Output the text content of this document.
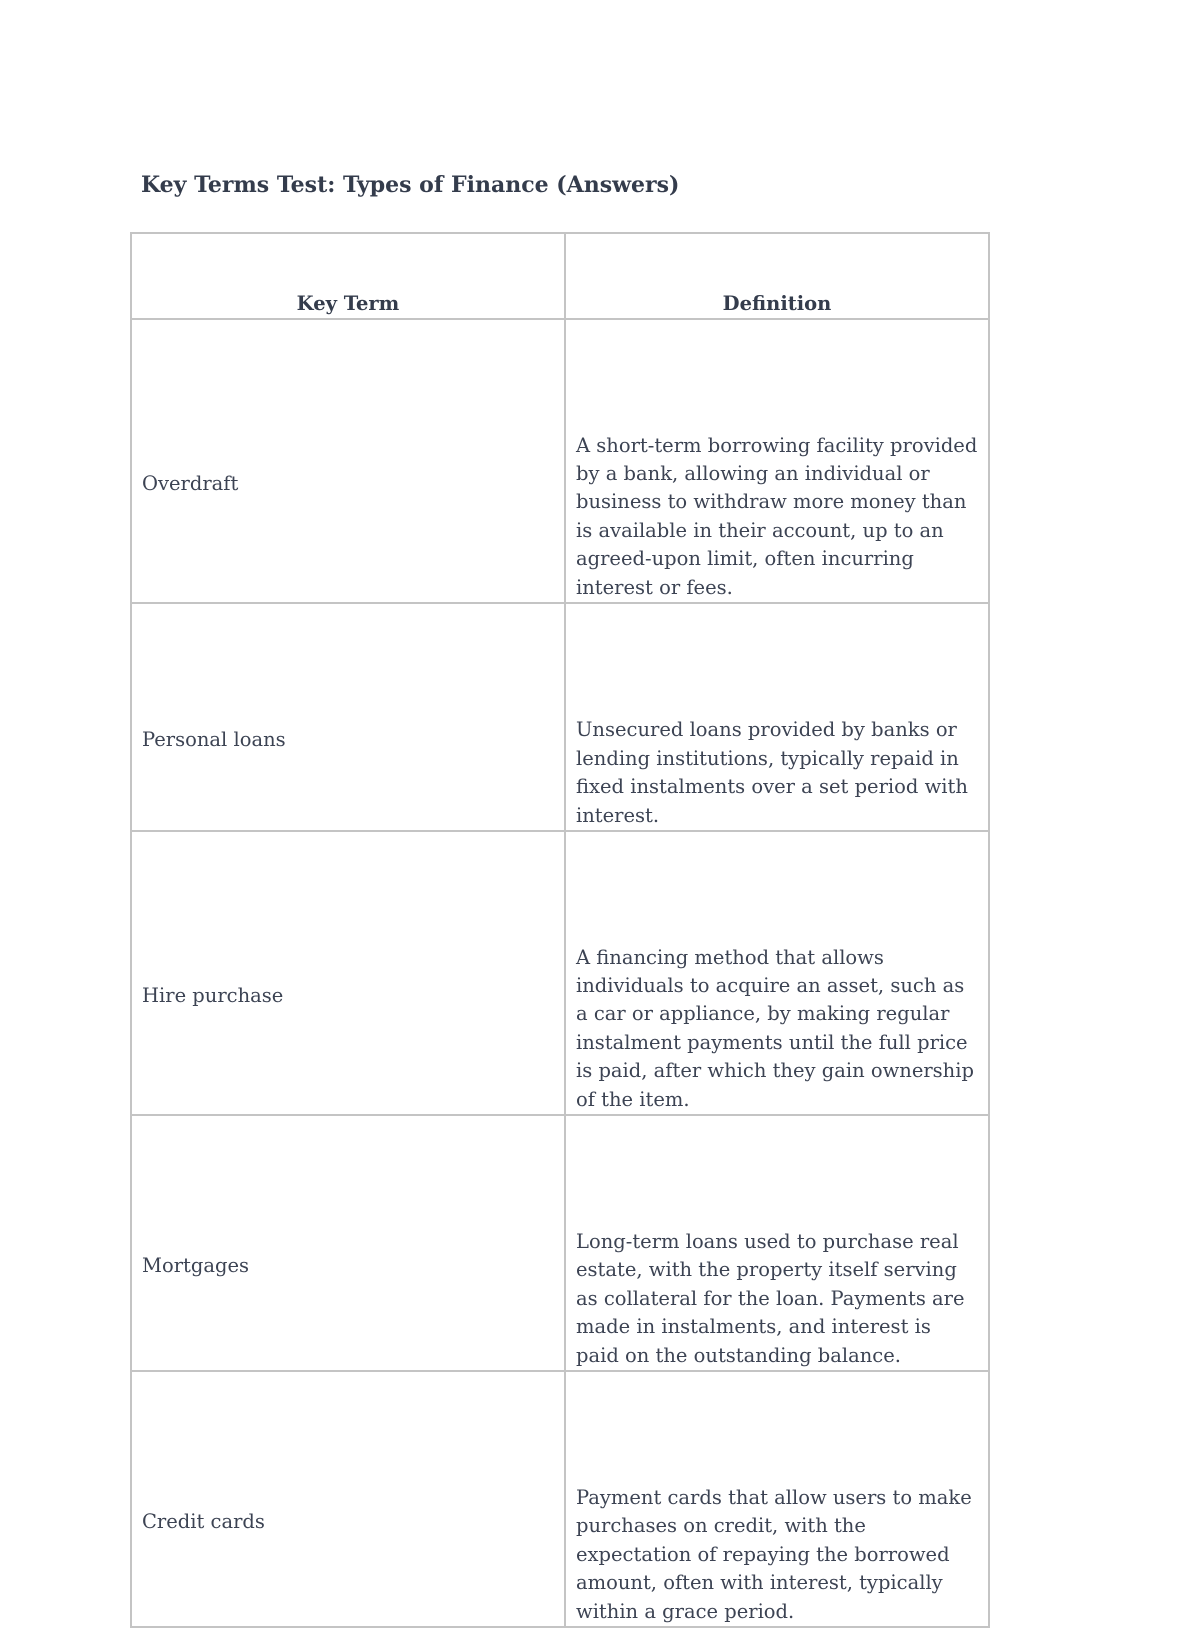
Key Terms Test: Types of Finance (Answers)
Key Term	Definition
Overdraft	A short-term borrowing facility provided by a bank, allowing an individual or business to withdraw more money than is available in their account, up to an agreed-upon limit, often incurring interest or fees.
Personal loans	Unsecured loans provided by banks or lending institutions, typically repaid in fixed instalments over a set period with interest.
Hire purchase	A financing method that allows individuals to acquire an asset, such as a car or appliance, by making regular instalment payments until the full price is paid, after which they gain ownership of the item.
Mortgages	Long-term loans used to purchase real estate, with the property itself serving as collateral for the loan. Payments are made in instalments, and interest is paid on the outstanding balance.
Credit cards	Payment cards that allow users to make purchases on credit, with the expectation of repaying the borrowed amount, often with interest, typically within a grace period.
